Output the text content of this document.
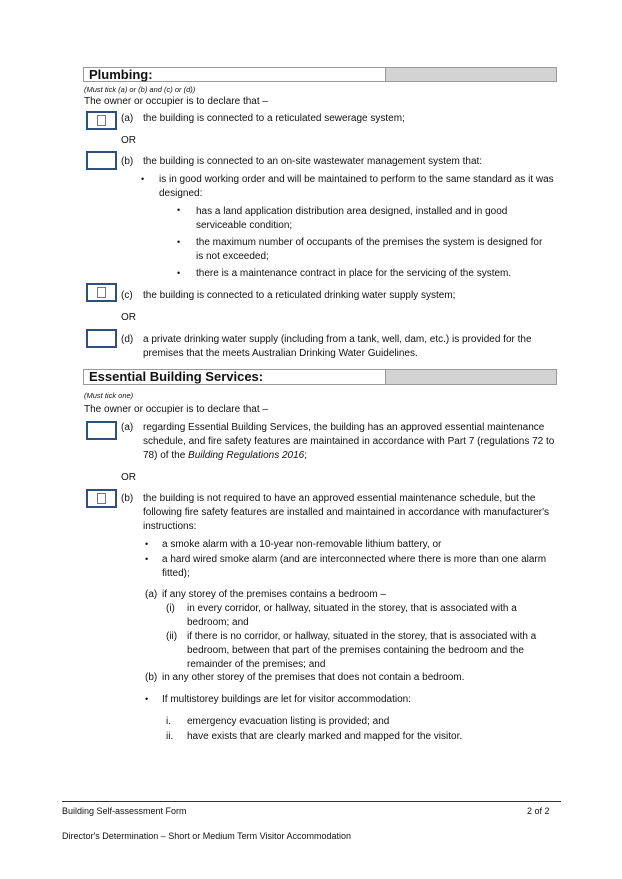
Plumbing:
(Must tick (a) or (b) and (c) or (d))
The owner or occupier is to declare that –
(a) the building is connected to a reticulated sewerage system;
OR
(b) the building is connected to an on-site wastewater management system that:
• is in good working order and will be maintained to perform to the same standard as it was designed:
• has a land application distribution area designed, installed and in good serviceable condition;
• the maximum number of occupants of the premises the system is designed for is not exceeded;
• there is a maintenance contract in place for the servicing of the system.
(c) the building is connected to a reticulated drinking water supply system;
OR
(d) a private drinking water supply (including from a tank, well, dam, etc.) is provided for the premises that the meets Australian Drinking Water Guidelines.
Essential Building Services:
(Must tick one)
The owner or occupier is to declare that –
(a) regarding Essential Building Services, the building has an approved essential maintenance schedule, and fire safety features are maintained in accordance with Part 7 (regulations 72 to 78) of the Building Regulations 2016;
OR
(b) the building is not required to have an approved essential maintenance schedule, but the following fire safety features are installed and maintained in accordance with manufacturer's instructions:
• a smoke alarm with a 10-year non-removable lithium battery, or
• a hard wired smoke alarm (and are interconnected where there is more than one alarm fitted);
(a) if any storey of the premises contains a bedroom –
(i) in every corridor, or hallway, situated in the storey, that is associated with a bedroom; and
(ii) if there is no corridor, or hallway, situated in the storey, that is associated with a bedroom, between that part of the premises containing the bedroom and the remainder of the premises; and
(b) in any other storey of the premises that does not contain a bedroom.
• If multistorey buildings are let for visitor accommodation:
i. emergency evacuation listing is provided; and
ii. have exists that are clearly marked and mapped for the visitor.
Building Self-assessment Form	2 of 2
Director's Determination – Short or Medium Term Visitor Accommodation
